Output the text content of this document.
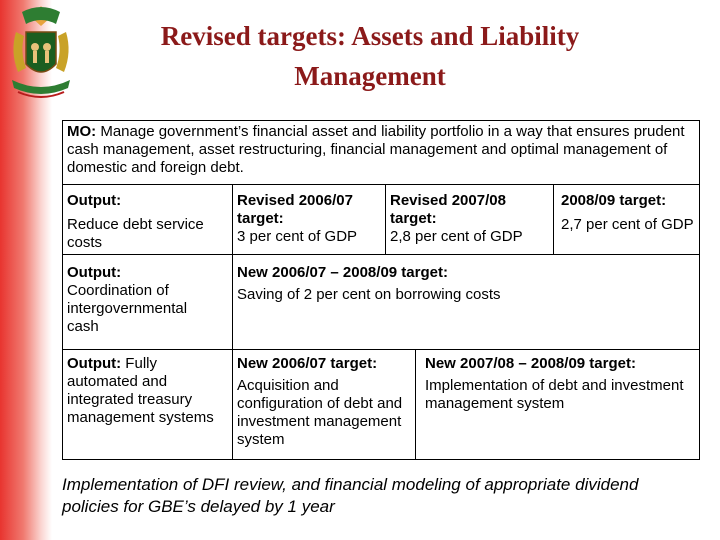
Revised targets: Assets and Liability
Management
MO: Manage government’s financial asset and liability portfolio in a way that ensures prudent cash management, asset restructuring, financial management and optimal management of domestic and foreign debt.
Output:

Reduce debt service costs
Revised 2006/07 target:
3 per cent of GDP
Revised 2007/08 target:
2,8 per cent of GDP
2008/09 target:

2,7 per cent of GDP
Output:
Coordination of intergovernmental cash
New 2006/07 – 2008/09 target:

Saving of 2 per cent on borrowing costs
Output: Fully automated and integrated treasury management systems
New 2006/07 target:

Acquisition and configuration of debt and investment management system
New 2007/08 – 2008/09 target:

Implementation of debt and investment management system
Implementation of DFI review, and financial modeling of appropriate dividend policies for GBE’s delayed by 1 year
